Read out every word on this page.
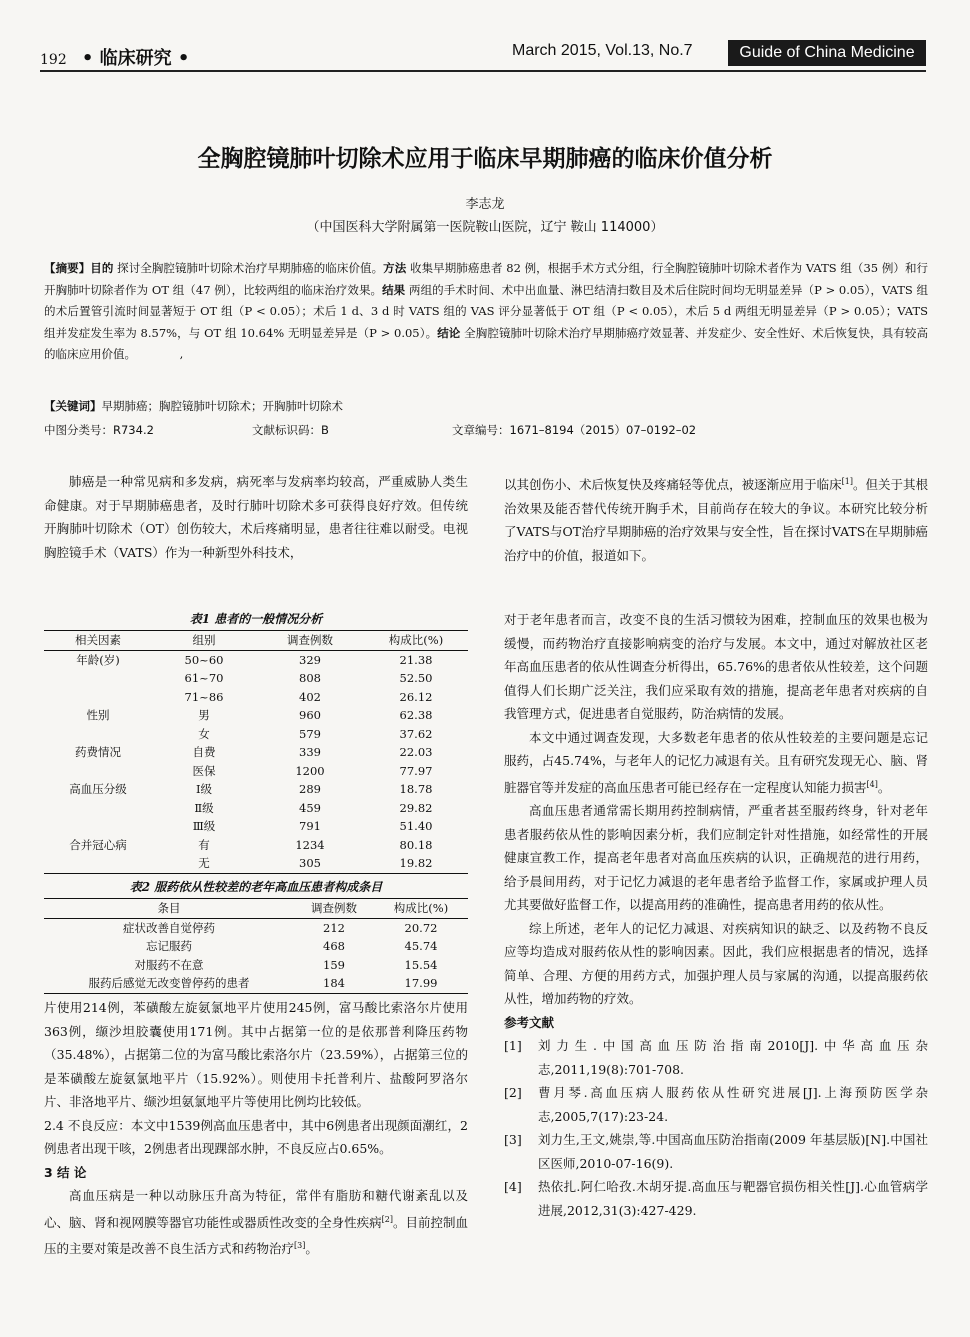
192 • 临床研究 •	March 2015, Vol.13, No.7	Guide of China Medicine
全胸腔镜肺叶切除术应用于临床早期肺癌的临床价值分析
李志龙
（中国医科大学附属第一医院鞍山医院，辽宁 鞍山 114000）
【摘要】目的 探讨全胸腔镜肺叶切除术治疗早期肺癌的临床价值。方法 收集早期肺癌患者 82 例，根据手术方式分组，行全胸腔镜肺叶切除术者作为 VATS 组（35 例）和行开胸肺叶切除者作为 OT 组（47 例），比较两组的临床治疗效果。结果 两组的手术时间、术中出血量、淋巴结清扫数目及术后住院时间均无明显差异（P > 0.05），VATS 组的术后置管引流时间显著短于 OT 组（P < 0.05）；术后 1 d、3 d 时 VATS 组的 VAS 评分显著低于 OT 组（P < 0.05），术后 5 d 两组无明显差异（P > 0.05）；VATS 组并发症发生率为 8.57%，与 OT 组 10.64% 无明显差异是（P > 0.05）。结论 全胸腔镜肺叶切除术治疗早期肺癌疗效显著、并发症少、安全性好、术后恢复快，具有较高的临床应用价值。	,
【关键词】早期肺癌；胸腔镜肺叶切除术；开胸肺叶切除术
中图分类号：R734.2	文献标识码：B	文章编号：1671–8194（2015）07–0192–02

肺癌是一种常见病和多发病，病死率与发病率均较高，严重威胁人类生命健康。对于早期肺癌患者，及时行肺叶切除术多可获得良好疗效。但传统开胸肺叶切除术（OT）创伤较大，术后疼痛明显，患者往往难以耐受。电视胸腔镜手术（VATS）作为一种新型外科技术，

以其创伤小、术后恢复快及疼痛轻等优点，被逐渐应用于临床[1]。但关于其根治效果及能否替代传统开胸手术，目前尚存在较大的争议。本研究比较分析了VATS与OT治疗早期肺癌的治疗效果与安全性，旨在探讨VATS在早期肺癌治疗中的价值，报道如下。

表1 患者的一般情况分析
相关因素	组别	调查例数	构成比(%)
年龄(岁)	50~60	329	21.38
	61~70	808	52.50
	71~86	402	26.12
性别	男	960	62.38
	女	579	37.62
药费情况	自费	339	22.03
	医保	1200	77.97
高血压分级	Ⅰ级	289	18.78
	Ⅱ级	459	29.82
	Ⅲ级	791	51.40
合并冠心病	有	1234	80.18
	无	305	19.82
表2 服药依从性较差的老年高血压患者构成条目
条目	调查例数	构成比(%)
症状改善自觉停药	212	20.72
忘记服药	468	45.74
对服药不在意	159	15.54
服药后感觉无改变曾停药的患者	184	17.99

片使用214例，苯磺酸左旋氨氯地平片使用245例，富马酸比索洛尔片使用363例，缬沙坦胶囊使用171例。其中占据第一位的是依那普利降压药物（35.48%），占据第二位的为富马酸比索洛尔片（23.59%），占据第三位的是苯磺酸左旋氨氯地平片（15.92%）。则使用卡托普利片、盐酸阿罗洛尔片、非洛地平片、缬沙坦氨氯地平片等使用比例均比较低。

2.4 不良反应：本文中1539例高血压患者中，其中6例患者出现颜面潮红，2例患者出现干咳，2例患者出现踝部水肿，不良反应占0.65%。

3 结 论

高血压病是一种以动脉压升高为特征，常伴有脂肪和糖代谢紊乱以及心、脑、肾和视网膜等器官功能性或器质性改变的全身性疾病[2]。目前控制血压的主要对策是改善不良生活方式和药物治疗[3]。

对于老年患者而言，改变不良的生活习惯较为困难，控制血压的效果也极为缓慢，而药物治疗直接影响病变的治疗与发展。本文中，通过对解放社区老年高血压患者的依从性调查分析得出，65.76%的患者依从性较差，这个问题值得人们长期广泛关注，我们应采取有效的措施，提高老年患者对疾病的自我管理方式，促进患者自觉服药，防治病情的发展。

本文中通过调查发现，大多数老年患者的依从性较差的主要问题是忘记服药，占45.74%，与老年人的记忆力减退有关。且有研究发现无心、脑、肾脏器官等并发症的高血压患者可能已经存在一定程度认知能力损害[4]。

高血压患者通常需长期用药控制病情，严重者甚至服药终身，针对老年患者服药依从性的影响因素分析，我们应制定针对性措施，如经常性的开展健康宣教工作，提高老年患者对高血压疾病的认识，正确规范的进行用药，给予晨间用药，对于记忆力减退的老年患者给予监督工作，家属或护理人员尤其要做好监督工作，以提高用药的准确性，提高患者用药的依从性。

综上所述，老年人的记忆力减退、对疾病知识的缺乏、以及药物不良反应等均造成对服药依从性的影响因素。因此，我们应根据患者的情况，选择简单、合理、方便的用药方式，加强护理人员与家属的沟通，以提高服药依从性，增加药物的疗效。

参考文献

[1]	刘力生.中国高血压防治指南2010[J].中华高血压杂志,2011,19(8):701-708.
[2]	曹月琴.高血压病人服药依从性研究进展[J].上海预防医学杂志,2005,7(17):23-24.
[3]	刘力生,王文,姚崇,等.中国高血压防治指南(2009 年基层版)[N].中国社区医师,2010-07-16(9).
[4]	热依扎.阿仁哈孜.木胡牙提.高血压与靶器官损伤相关性[J].心血管病学进展,2012,31(3):427-429.
